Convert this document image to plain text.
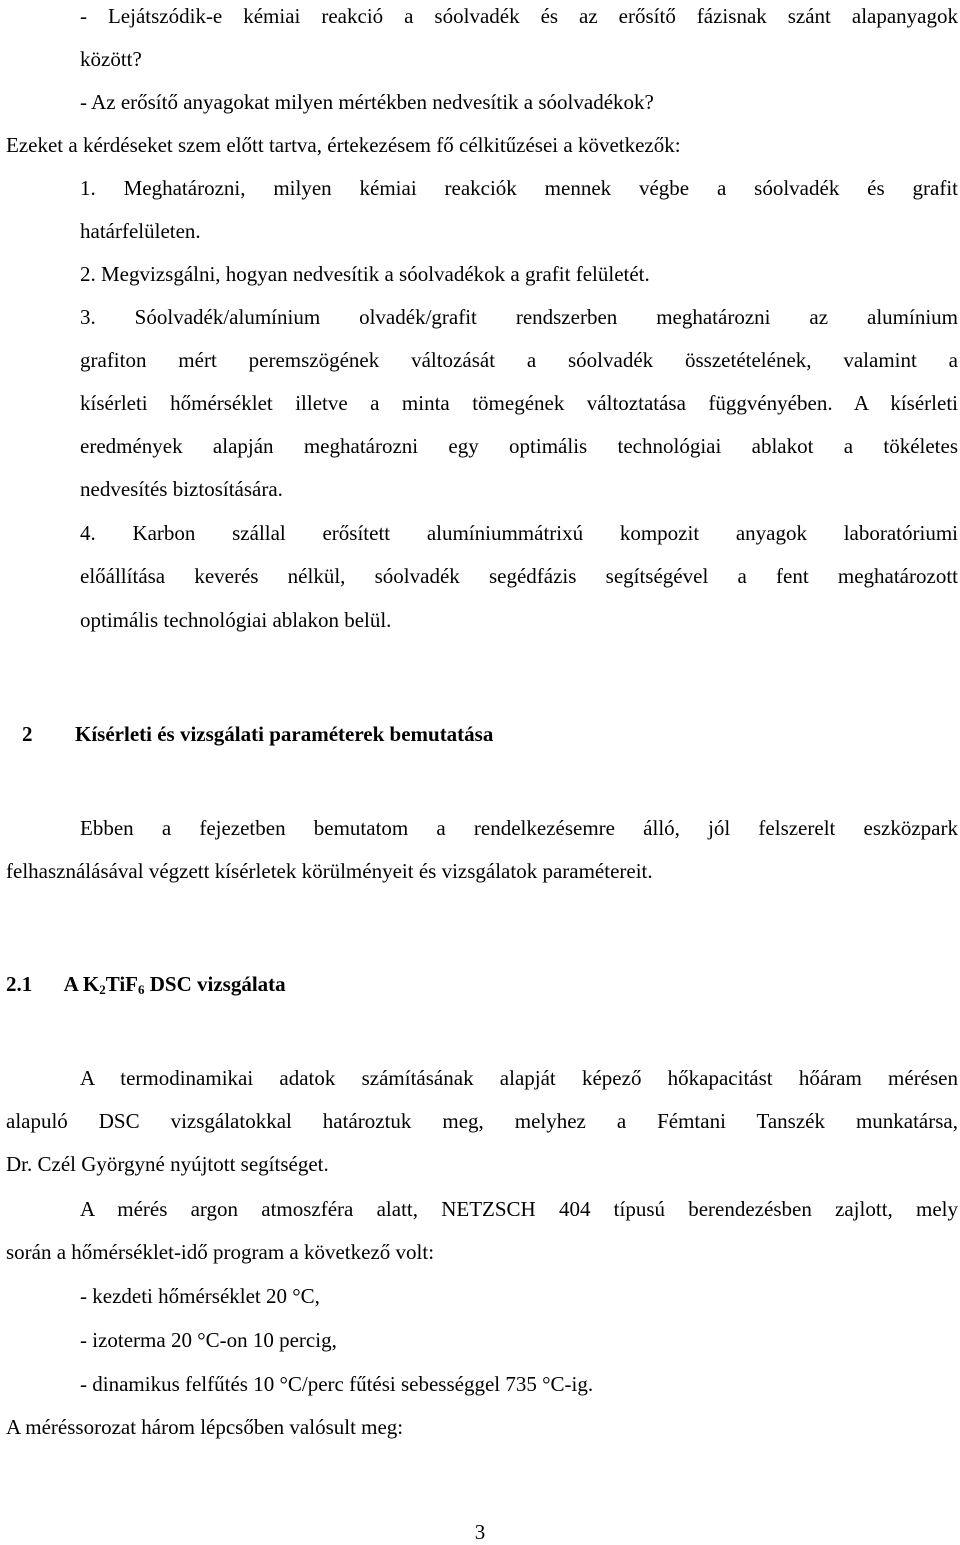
- Lejátszódik-e kémiai reakció a sóolvadék és az erősítő fázisnak szánt alapanyagok
között?
- Az erősítő anyagokat milyen mértékben nedvesítik a sóolvadékok?
Ezeket a kérdéseket szem előtt tartva, értekezésem fő célkitűzései a következők:
1. Meghatározni, milyen kémiai reakciók mennek végbe a sóolvadék és grafit
határfelületen.
2. Megvizsgálni, hogyan nedvesítik a sóolvadékok a grafit felületét.
3. Sóolvadék/alumínium olvadék/grafit rendszerben meghatározni az alumínium
grafiton mért peremszögének változását a sóolvadék összetételének, valamint a
kísérleti hőmérséklet illetve a minta tömegének változtatása függvényében. A kísérleti
eredmények alapján meghatározni egy optimális technológiai ablakot a tökéletes
nedvesítés biztosítására.
4. Karbon szállal erősített alumíniummátrixú kompozit anyagok laboratóriumi
előállítása keverés nélkül, sóolvadék segédfázis segítségével a fent meghatározott
optimális technológiai ablakon belül.
2 Kísérleti és vizsgálati paraméterek bemutatása
Ebben a fejezetben bemutatom a rendelkezésemre álló, jól felszerelt eszközpark
felhasználásával végzett kísérletek körülményeit és vizsgálatok paramétereit.
2.1 A $K_2TiF_6$ DSC vizsgálata
A termodinamikai adatok számításának alapját képező hőkapacitást hőáram mérésen
alapuló DSC vizsgálatokkal határoztuk meg, melyhez a Fémtani Tanszék munkatársa,
Dr. Czél Györgyné nyújtott segítséget.
A mérés argon atmoszféra alatt, NETZSCH 404 típusú berendezésben zajlott, mely
során a hőmérséklet-idő program a következő volt:
- kezdeti hőmérséklet 20 °C,
- izoterma 20 °C-on 10 percig,
- dinamikus felfűtés 10 °C/perc fűtési sebességgel 735 °C-ig.
A méréssorozat három lépcsőben valósult meg:
3
